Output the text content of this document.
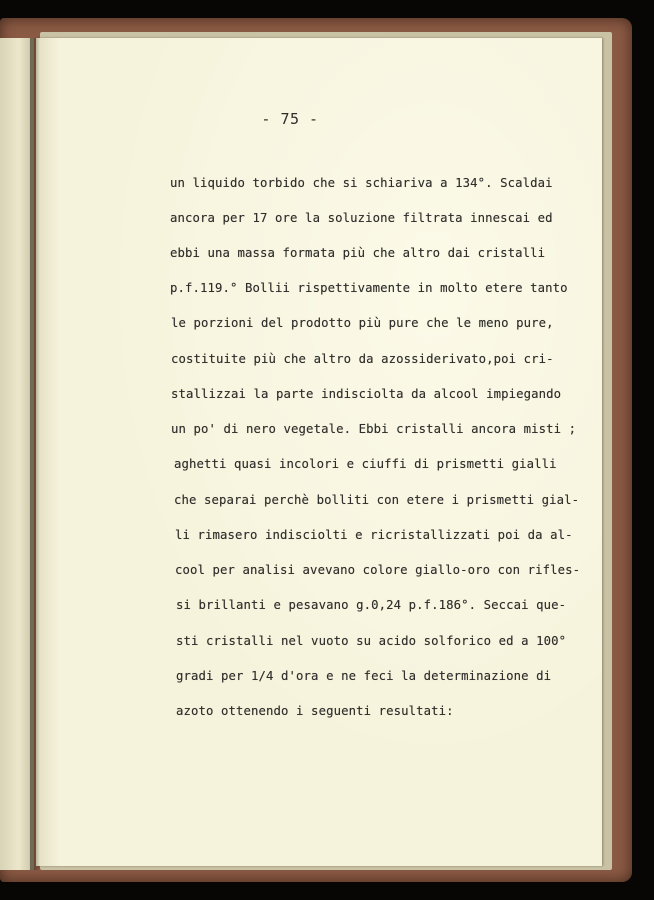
- 75 -
un liquido torbido che si schiariva a 134°. Scaldai
ancora per 17 ore la soluzione filtrata innescai ed
ebbi una massa formata più che altro dai cristalli
p.f.119.° Bollii rispettivamente in molto etere tanto
le porzioni del prodotto più pure che le meno pure,
costituite più che altro da azossiderivato,poi cri-
stallizzai la parte indisciolta da alcool impiegando
un po' di nero vegetale. Ebbi cristalli ancora misti ;
aghetti quasi incolori e ciuffi di prismetti gialli
che separai perchè bolliti con etere i prismetti gial-
li rimasero indisciolti e ricristallizzati poi da al-
cool per analisi avevano colore giallo-oro con rifles-
si brillanti e pesavano g.0,24 p.f.186°. Seccai que-
sti cristalli nel vuoto su acido solforico ed a 100°
gradi per 1/4 d'ora e ne feci la determinazione di
azoto ottenendo i seguenti resultati:
